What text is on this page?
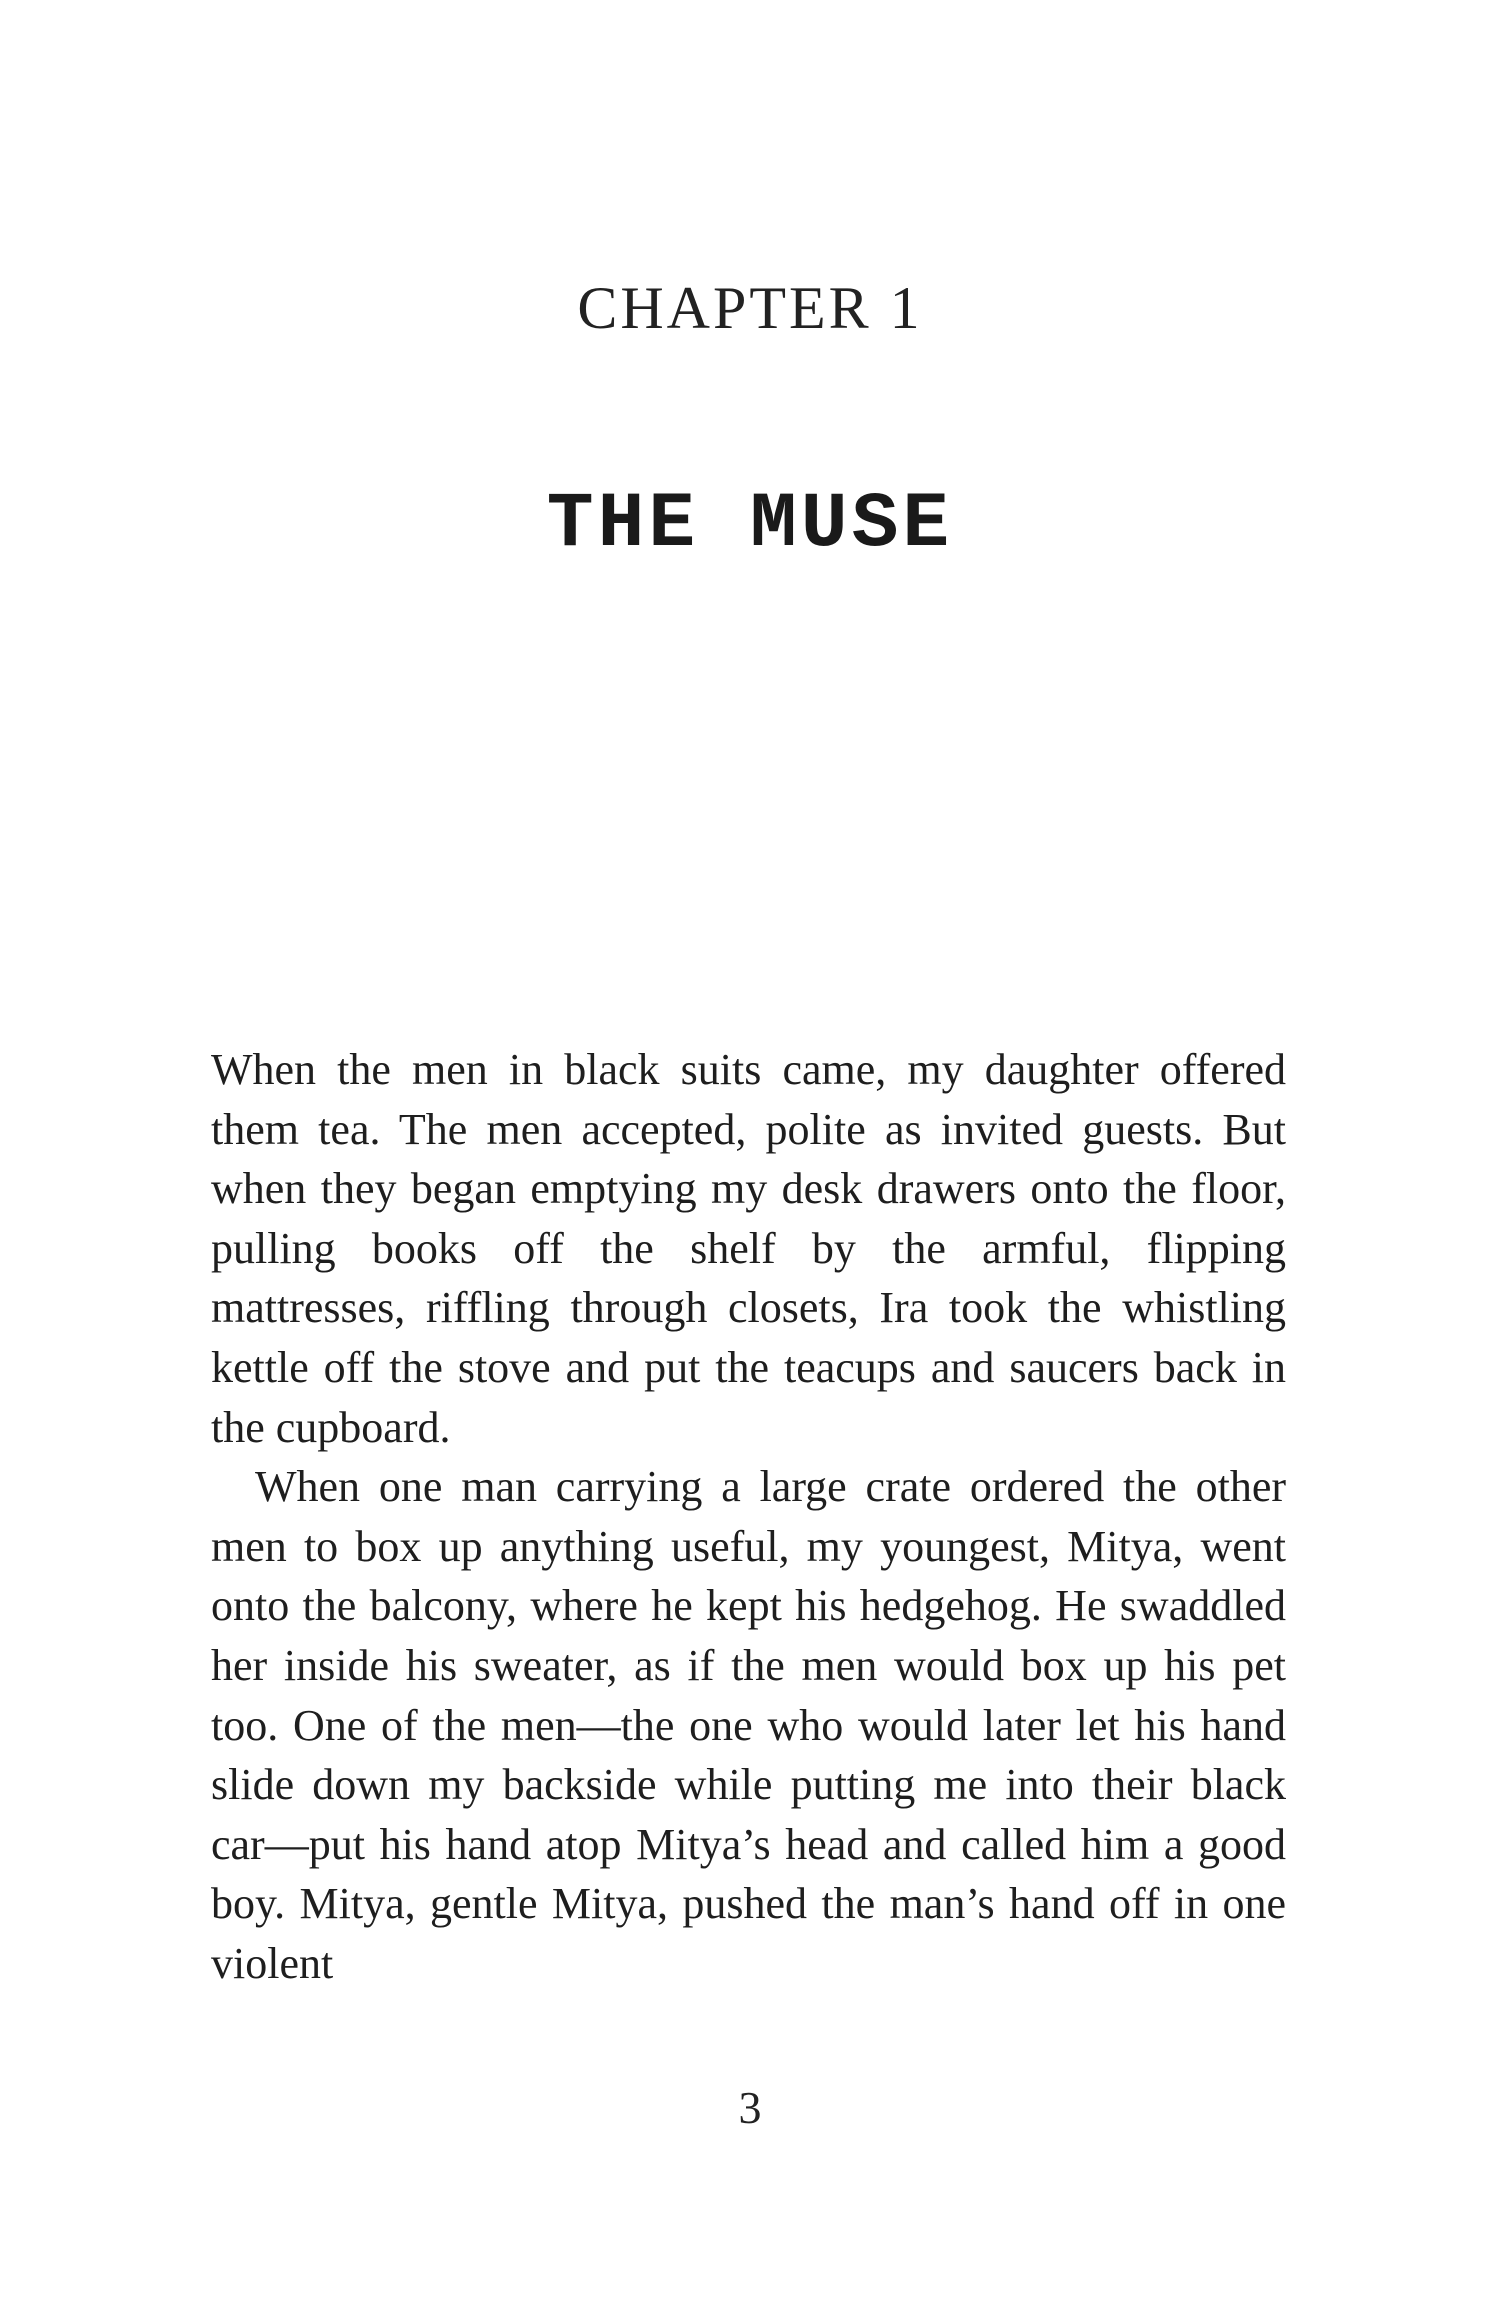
CHAPTER 1
THE MUSE

When the men in black suits came, my daughter offered them tea. The men accepted, polite as invited guests. But when they began emptying my desk drawers onto the floor, pulling books off the shelf by the armful, flipping mattresses, riffling through closets, Ira took the whistling kettle off the stove and put the teacups and saucers back in the cupboard.

When one man carrying a large crate ordered the other men to box up anything useful, my youngest, Mitya, went onto the balcony, where he kept his hedgehog. He swaddled her inside his sweater, as if the men would box up his pet too. One of the men—the one who would later let his hand slide down my backside while putting me into their black car—put his hand atop Mitya’s head and called him a good boy. Mitya, gentle Mitya, pushed the man’s hand off in one violent

3
